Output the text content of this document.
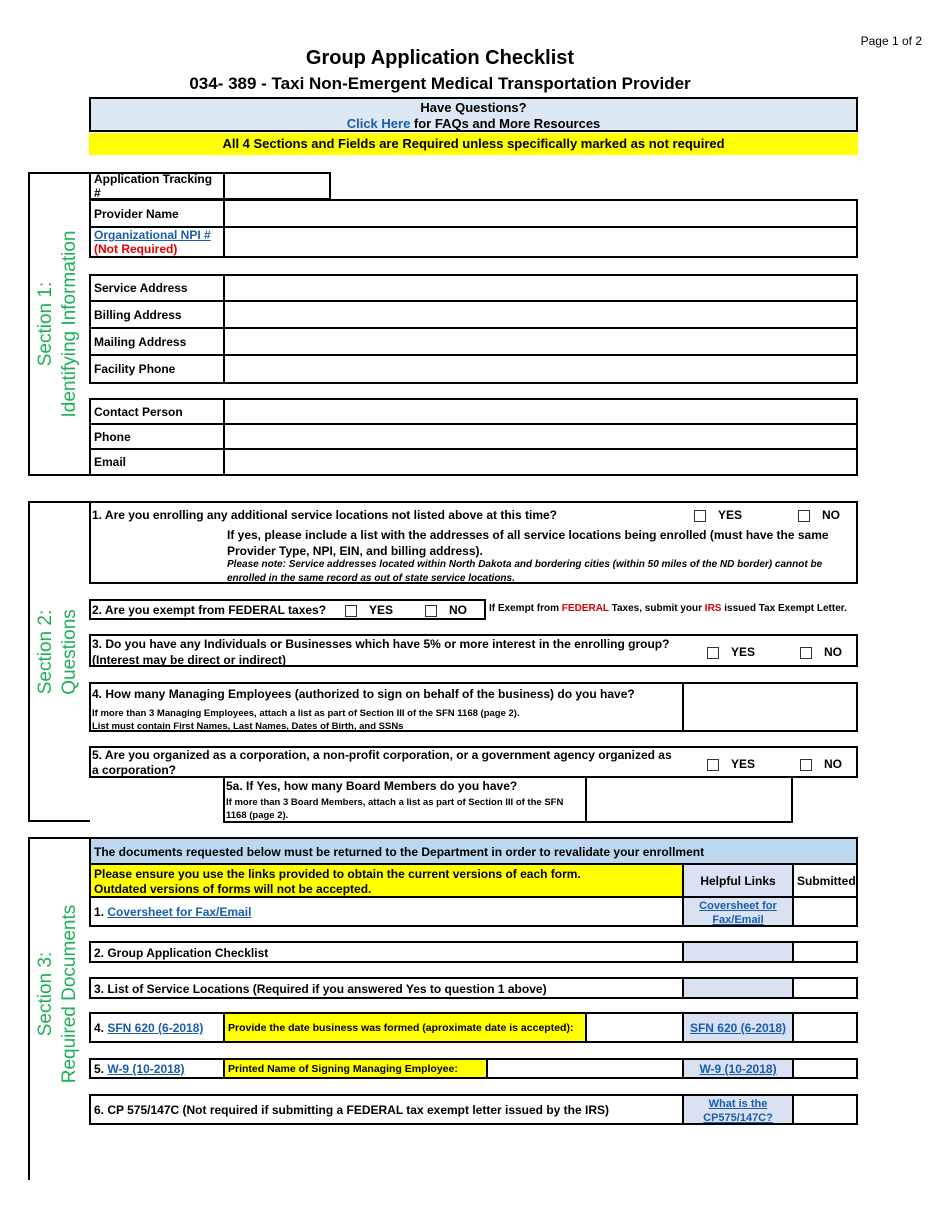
Page 1 of 2
Group Application Checklist
034- 389 - Taxi Non-Emergent Medical Transportation Provider
Have Questions?
Click Here for FAQs and More Resources
All 4 Sections and Fields are Required unless specifically marked as not required
Section 1: Identifying Information
Application Tracking #
Provider Name
Organizational NPI #
(Not Required)
Service Address
Billing Address
Mailing Address
Facility Phone
Contact Person
Phone
Email
Section 2: Questions
1. Are you enrolling any additional service locations not listed above at this time?	YES	NO
If yes, please include a list with the addresses of all service locations being enrolled (must have the same Provider Type, NPI, EIN, and billing address).
Please note: Service addresses located within North Dakota and bordering cities (within 50 miles of the ND border) cannot be enrolled in the same record as out of state service locations.
2. Are you exempt from FEDERAL taxes?	YES	NO If Exempt from FEDERAL Taxes, submit your IRS issued Tax Exempt Letter.
3. Do you have any Individuals or Businesses which have 5% or more interest in the enrolling group? (Interest may be direct or indirect)
YES	NO
4. How many Managing Employees (authorized to sign on behalf of the business) do you have?
If more than 3 Managing Employees, attach a list as part of Section III of the SFN 1168 (page 2).
List must contain First Names, Last Names, Dates of Birth, and SSNs
5. Are you organized as a corporation, a non-profit corporation, or a government agency organized as a corporation?	YES	NO
5a. If Yes, how many Board Members do you have?
If more than 3 Board Members, attach a list as part of Section III of the SFN 1168 (page 2).
Section 3: Required Documents
The documents requested below must be returned to the Department in order to revalidate your enrollment
Please ensure you use the links provided to obtain the current versions of each form.
Outdated versions of forms will not be accepted.
Helpful Links	Submitted
1. Coversheet for Fax/Email	Coversheet for Fax/Email
2. Group Application Checklist
3. List of Service Locations (Required if you answered Yes to question 1 above)
4. SFN 620 (6-2018)	Provide the date business was formed (aproximate date is accepted):	SFN 620 (6-2018)
5. W-9 (10-2018)	Printed Name of Signing Managing Employee:	W-9 (10-2018)
6. CP 575/147C (Not required if submitting a FEDERAL tax exempt letter issued by the IRS)	What is the CP575/147C?
